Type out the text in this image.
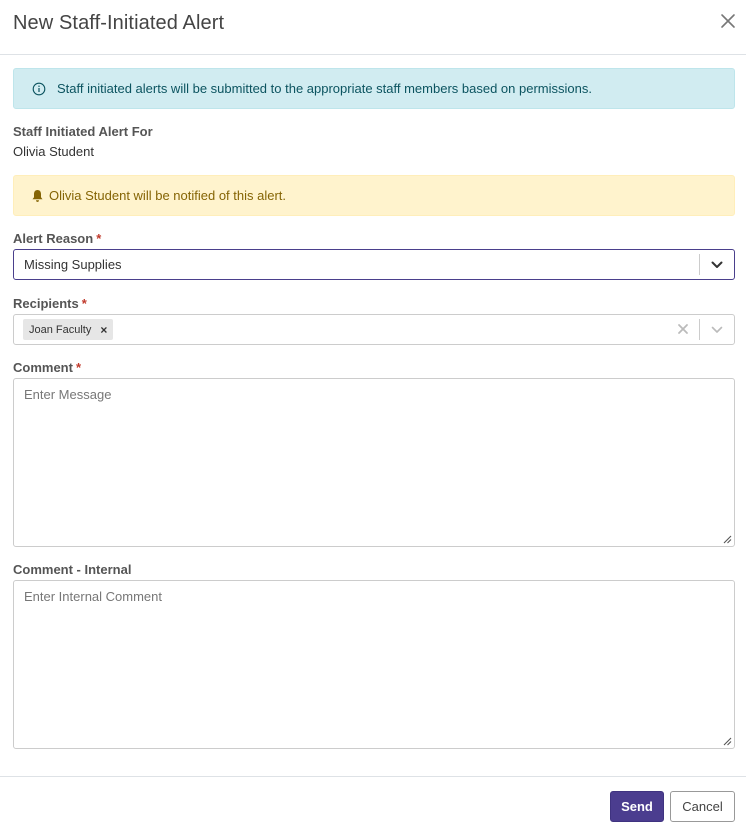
New Staff-Initiated Alert
Staff initiated alerts will be submitted to the appropriate staff members based on permissions.
Staff Initiated Alert For
Olivia Student
Olivia Student will be notified of this alert.
Alert Reason *
Missing Supplies
Recipients *
Joan Faculty ×
Comment *
Enter Message
Comment - Internal
Enter Internal Comment
Send	Cancel
